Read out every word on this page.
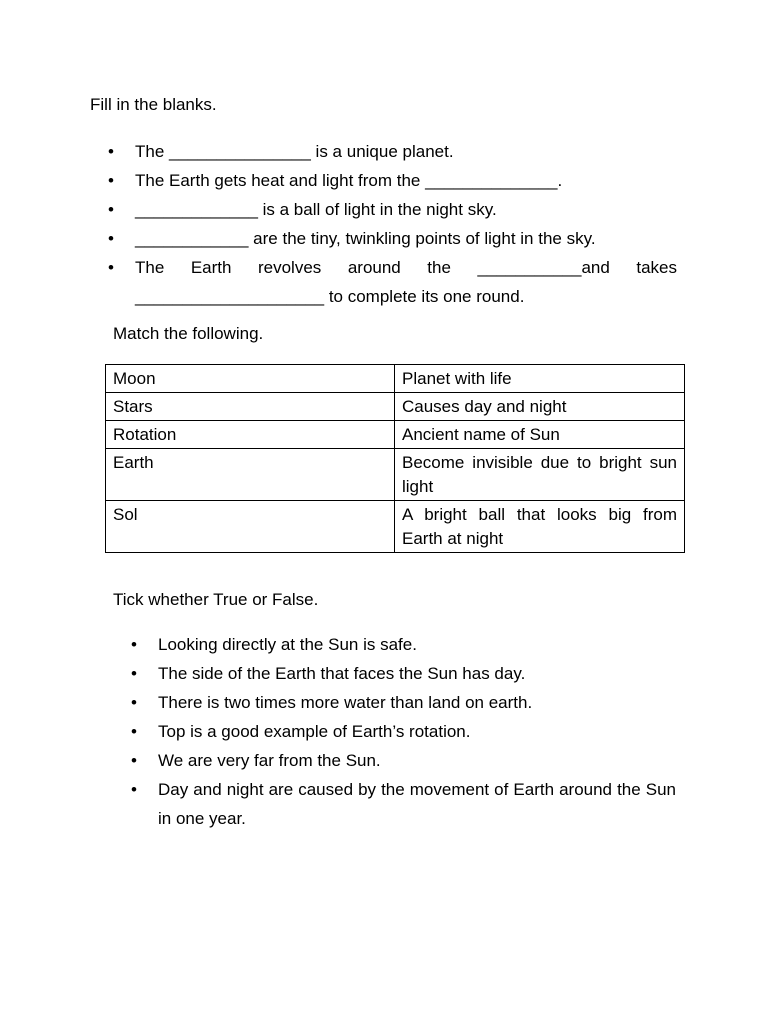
Fill in the blanks.
• The _______________ is a unique planet.
• The Earth gets heat and light from the ______________.
• _____________ is a ball of light in the night sky.
• ____________ are the tiny, twinkling points of light in the sky.
• The Earth revolves around the ___________and takes ____________________ to complete its one round.
Match the following.
Moon	Planet with life
Stars	Causes day and night
Rotation	Ancient name of Sun
Earth	Become invisible due to bright sun light
Sol	A bright ball that looks big from Earth at night
Tick whether True or False.
• Looking directly at the Sun is safe.
• The side of the Earth that faces the Sun has day.
• There is two times more water than land on earth.
• Top is a good example of Earth’s rotation.
• We are very far from the Sun.
• Day and night are caused by the movement of Earth around the Sun in one year.
